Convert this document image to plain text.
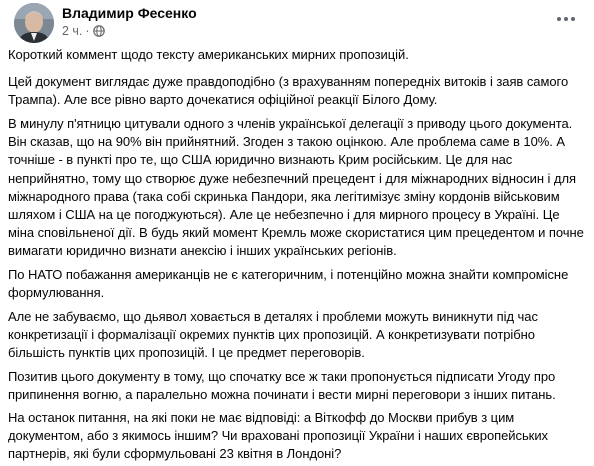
Владимир Фесенко
2 ч. ·

Короткий коммент щодо тексту американських мирних пропозицій.

Цей документ виглядає дуже правдоподібно (з врахуванням попередніх витоків і заяв самого Трампа). Але все рівно варто дочекатися офіційної реакції Білого Дому.

В минулу п'ятницю цитували одного з членів української делегації з приводу цього документа. Він сказав, що на 90% він прийнятний. Згоден з такою оцінкою. Але проблема саме в 10%. А точніше - в пункті про те, що США юридично визнають Крим російським. Це для нас неприйнятно, тому що створює дуже небезпечний прецедент і для міжнародних відносин і для міжнародного права (така собі скринька Пандори, яка легітимізує зміну кордонів військовим шляхом і США на це погоджуються). Але це небезпечно і для мирного процесу в Україні. Це міна сповільненої дії. В будь який момент Кремль може скористатися цим прецедентом и почне вимагати юридично визнати анексію і інших українських регіонів.

По НАТО побажання американців не є категоричним, і потенційно можна знайти компромісне формулювання.

Але не забуваємо, що дьявол ховається в деталях і проблеми можуть виникнути під час конкретизації і формалізації окремих пунктів цих пропозицій. А конкретизувати потрібно більшість пунктів цих пропозицій. І це предмет переговорів.

Позитив цього документу в тому, що спочатку все ж таки пропонується підписати Угоду про припинення вогню, а паралельно можна починати і вести мирні переговори з інших питань.

На останок питання, на які поки не має відповіді: а Віткофф до Москви прибув з цим документом, або з якимось іншим? Чи враховані пропозиції України і наших європейських партнерів, які були сформульовані 23 квітня в Лондоні?
